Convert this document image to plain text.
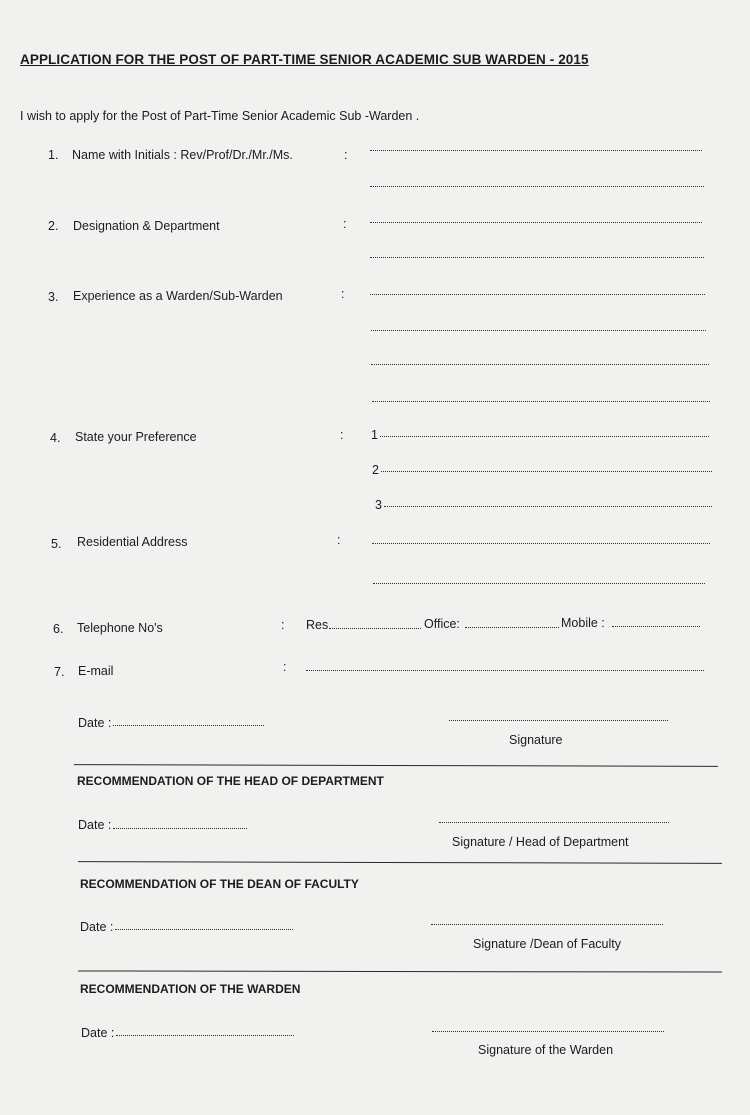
APPLICATION FOR THE POST OF PART-TIME SENIOR ACADEMIC SUB WARDEN - 2015
I wish to apply for the Post of Part-Time Senior Academic Sub -Warden .
1. Name with Initials : Rev/Prof/Dr./Mr./Ms.	:
2. Designation & Department	:
3. Experience as a Warden/Sub-Warden	:
4. State your Preference	: 1
2
3
5. Residential Address	:
6. Telephone No's	: Res	Office:	Mobile :
7. E-mail	:
Date :
Signature
RECOMMENDATION OF THE HEAD OF DEPARTMENT
Date :
Signature / Head of Department
RECOMMENDATION OF THE DEAN OF FACULTY
Date :
Signature /Dean of Faculty
RECOMMENDATION OF THE WARDEN
Date :
Signature of the Warden
